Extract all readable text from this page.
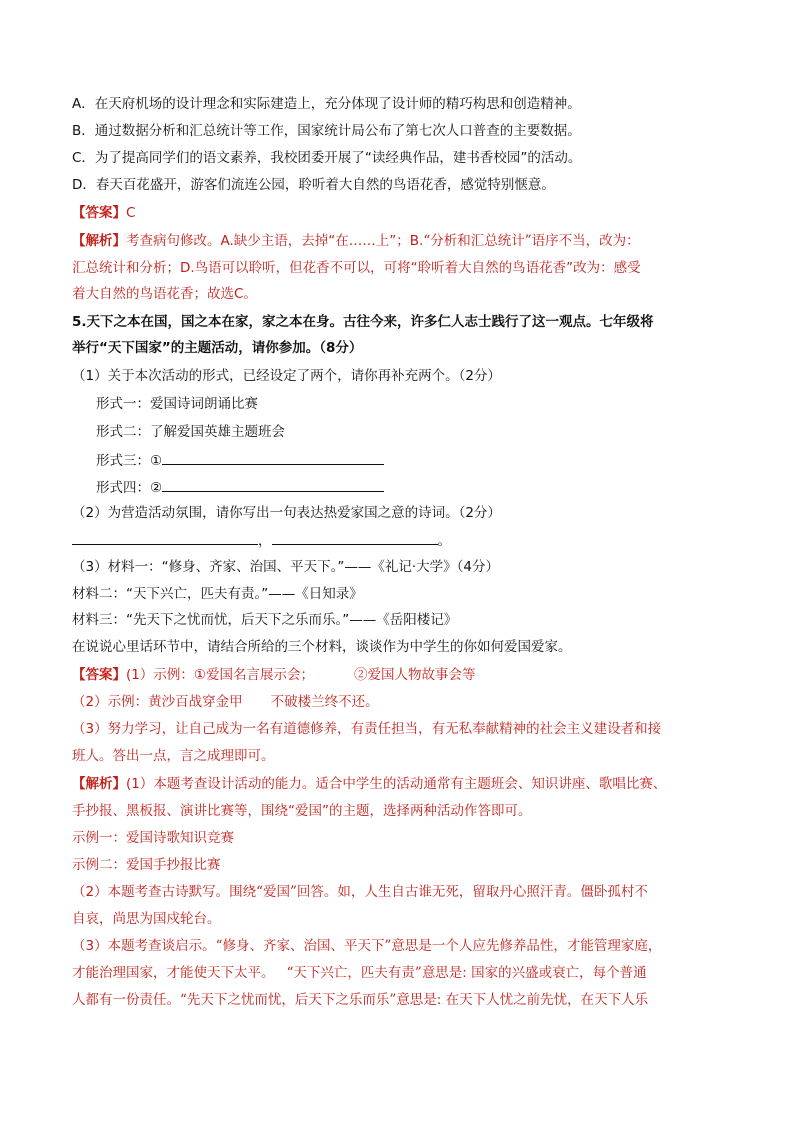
A．在天府机场的设计理念和实际建造上，充分体现了设计师的精巧构思和创造精神。
B．通过数据分析和汇总统计等工作，国家统计局公布了第七次人口普查的主要数据。
C．为了提高同学们的语文素养，我校团委开展了“读经典作品，建书香校园”的活动。
D．春天百花盛开，游客们流连公园，聆听着大自然的鸟语花香，感觉特别惬意。
【答案】C
【解析】考查病句修改。A.缺少主语，去掉“在……上”；B.“分析和汇总统计”语序不当，改为：
汇总统计和分析；D.鸟语可以聆听，但花香不可以，可将“聆听着大自然的鸟语花香”改为：感受
着大自然的鸟语花香；故选C。
5.天下之本在国，国之本在家，家之本在身。古往今来，许多仁人志士践行了这一观点。七年级将
举行“天下国家”的主题活动，请你参加。（8分）
（1）关于本次活动的形式，已经设定了两个，请你再补充两个。（2分）
形式一：爱国诗词朗诵比赛
形式二：了解爱国英雄主题班会
形式三：①
形式四：②
（2）为营造活动氛围，请你写出一句表达热爱家国之意的诗词。（2分）
，	。
（3）材料一：“修身、齐家、治国、平天下。”——《礼记·大学》（4分）
材料二：“天下兴亡，匹夫有责。”——《日知录》
材料三：“先天下之忧而忧，后天下之乐而乐。”——《岳阳楼记》
在说说心里话环节中，请结合所给的三个材料，谈谈作为中学生的你如何爱国爱家。
【答案】(1）示例：①爱国名言展示会；	②爱国人物故事会等
（2）示例：黄沙百战穿金甲 不破楼兰终不还。
（3）努力学习，让自己成为一名有道德修养，有责任担当，有无私奉献精神的社会主义建设者和接
班人。答出一点，言之成理即可。
【解析】(1）本题考查设计活动的能力。适合中学生的活动通常有主题班会、知识讲座、歌唱比赛、
手抄报、黑板报、演讲比赛等，围绕“爱国”的主题，选择两种活动作答即可。
示例一：爱国诗歌知识竞赛
示例二：爱国手抄报比赛
（2）本题考查古诗默写。围绕“爱国”回答。如，人生自古谁无死，留取丹心照汗青。僵卧孤村不
自哀，尚思为国戍轮台。
（3）本题考查谈启示。“修身、齐家、治国、平天下”意思是一个人应先修养品性，才能管理家庭，
才能治理国家，才能使天下太平。 “天下兴亡，匹夫有责”意思是: 国家的兴盛或衰亡，每个普通
人都有一份责任。“先天下之忧而忧，后天下之乐而乐”意思是: 在天下人忧之前先忧，在天下人乐
